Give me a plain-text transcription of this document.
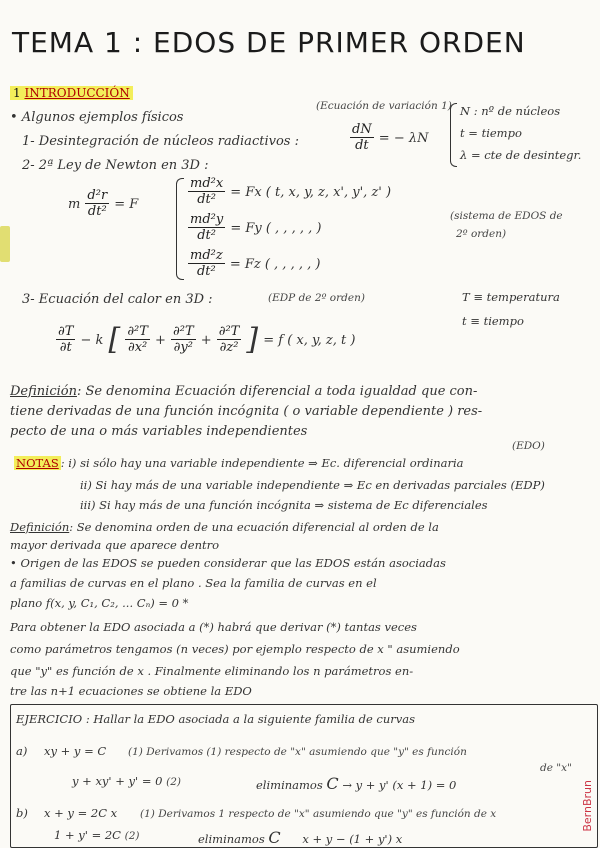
TEMA 1 : EDOS DE PRIMER ORDEN
1 INTRODUCCIÓN
• Algunos ejemplos físicos
1- Desintegración de núcleos radiactivos :
(Ecuación de variación 1)
$\frac{dN}{dt}$ = − λN
N : nº de núcleos
t = tiempo
λ = cte de desintegr.
2- 2ª Ley de Newton en 3D :
m $\frac{\text{d²r}}{\text{dt²}} = F$	$\frac{\text{md²x}}{\text{dt²}} = Fx$ ( t, x, y, z, x', y', z' )
$\frac{\text{md²y}}{\text{dt²}} = Fy$ ( , , , , , )
$\frac{\text{md²z}}{\text{dt²}} = Fz$ ( , , , , , )
(sistema de EDOS de
2º orden)
3- Ecuación del calor en 3D :	(EDP de 2º orden)	T ≡ temperatura
t ≡ tiempo
$\frac{\partial T}{\partial t} - k$ [ $\frac{\text{∂²T}}{\text{∂x²}} + \frac{\text{∂²T}}{\text{∂y²}} + \frac{\text{∂²T}}{\text{∂z²}}$ ] = f ( x, y, z, t )
Definición: Se denomina Ecuación diferencial a toda igualdad que con-
tiene derivadas de una función incógnita ( o variable dependiente ) res-
pecto de una o más variables independientes
(EDO)
NOTAS : i) si sólo hay una variable independiente ⇒ Ec. diferencial ordinaria
ii) Si hay más de una variable independiente ⇒ Ec en derivadas parciales (EDP)
iii) Si hay más de una función incógnita ⇒ sistema de Ec diferenciales
Definición: Se denomina orden de una ecuación diferencial al orden de la
mayor derivada que aparece dentro
• Origen de las EDOS se pueden considerar que las EDOS están asociadas
a familias de curvas en el plano . Sea la familia de curvas en el
plano f(x, y, C₁, C₂, ... Cₙ) = 0 *
Para obtener la EDO asociada a (*) habrá que derivar (*) tantas veces
como parámetros tengamos (n veces) por ejemplo respecto de x " asumiendo
que "y" es función de x . Finalmente eliminando los n parámetros en-
tre las n+1 ecuaciones se obtiene la EDO
EJERCICIO : Hallar la EDO asociada a la siguiente familia de curvas
a) xy + y = C (1) Derivamos (1) respecto de "x" asumiendo que "y" es función
de "x"
y + xy' + y' = 0 (2)	eliminamos C → y + y' (x + 1) = 0
b) x + y = 2C x (1) Derivamos 1 respecto de "x" asumiendo que "y" es función de x
1 + y' = 2C (2)	eliminamos C x + y − (1 + y') x
BernBrun
